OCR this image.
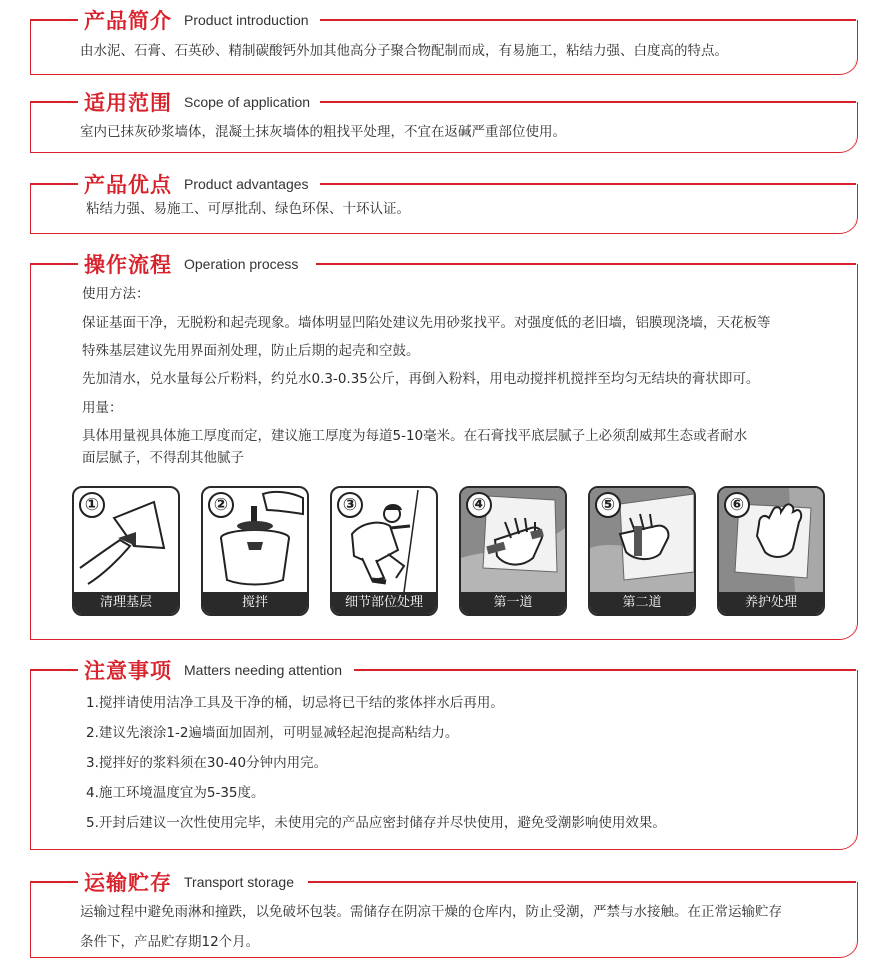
产品简介 Product introduction
由水泥、石膏、石英砂、精制碳酸钙外加其他高分子聚合物配制而成，有易施工，粘结力强、白度高的特点。
适用范围 Scope of application
室内已抹灰砂浆墙体，混凝土抹灰墙体的粗找平处理，不宜在返碱严重部位使用。
产品优点 Product advantages
粘结力强、易施工、可厚批刮、绿色环保、十环认证。
操作流程 Operation process
使用方法：
保证基面干净，无脱粉和起壳现象。墙体明显凹陷处建议先用砂浆找平。对强度低的老旧墙，铝膜现浇墙，天花板等
特殊基层建议先用界面剂处理，防止后期的起壳和空鼓。
先加清水，兑水量每公斤粉料，约兑水0.3-0.35公斤，再倒入粉料，用电动搅拌机搅拌至均匀无结块的膏状即可。
用量：
具体用量视具体施工厚度而定，建议施工厚度为每道5-10毫米。在石膏找平底层腻子上必须刮威邦生态或者耐水
面层腻子，不得刮其他腻子
①
清理基层
②
搅拌
③
细节部位处理
④
第一道
⑤
第二道
⑥
养护处理
注意事项 Matters needing attention
1.搅拌请使用洁净工具及干净的桶，切忌将已干结的浆体拌水后再用。
2.建议先滚涂1-2遍墙面加固剂，可明显减轻起泡提高粘结力。
3.搅拌好的浆料须在30-40分钟内用完。
4.施工环境温度宜为5-35度。
5.开封后建议一次性使用完毕，未使用完的产品应密封储存并尽快使用，避免受潮影响使用效果。
运输贮存 Transport storage
运输过程中避免雨淋和撞跌，以免破坏包装。需储存在阴凉干燥的仓库内，防止受潮，严禁与水接触。在正常运输贮存
条件下，产品贮存期12个月。
